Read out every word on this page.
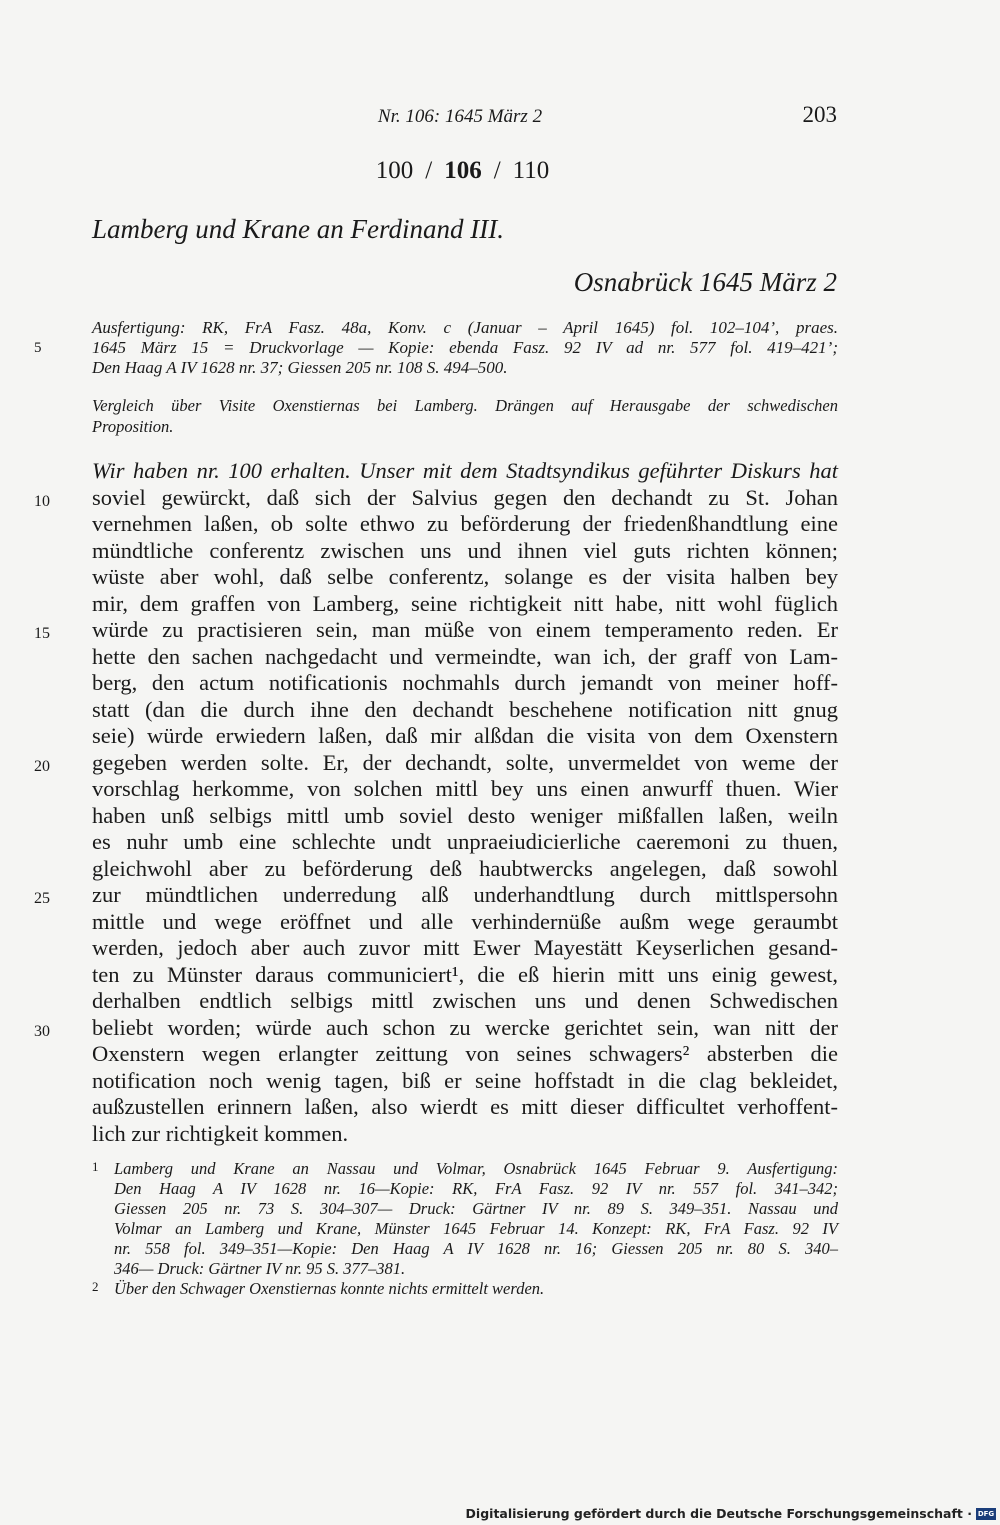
Nr. 106: 1645 März 2	203
100 / 106 / 110
Lamberg und Krane an Ferdinand III.
Osnabrück 1645 März 2
Ausfertigung: RK, FrA Fasz. 48a, Konv. c (Januar – April 1645) fol. 102–104’, praes.
1645 März 15 = Druckvorlage — Kopie: ebenda Fasz. 92 IV ad nr. 577 fol. 419–421’;
5
Den Haag A IV 1628 nr. 37; Giessen 205 nr. 108 S. 494–500.
Vergleich über Visite Oxenstiernas bei Lamberg. Drängen auf Herausgabe der schwedischen
Proposition.
Wir haben nr. 100 erhalten. Unser mit dem Stadtsyndikus geführter Diskurs hat
soviel gewürckt, daß sich der Salvius gegen den dechandt zu St. Johan
10
vernehmen laßen, ob solte ethwo zu beförderung der friedenßhandtlung eine
mündtliche conferentz zwischen uns und ihnen viel guts richten können;
wüste aber wohl, daß selbe conferentz, solange es der visita halben bey
mir, dem graffen von Lamberg, seine richtigkeit nitt habe, nitt wohl füglich
würde zu practisieren sein, man müße von einem temperamento reden. Er
15
hette den sachen nachgedacht und vermeindte, wan ich, der graff von Lam-
berg, den actum notificationis nochmahls durch jemandt von meiner hoff-
statt (dan die durch ihne den dechandt beschehene notification nitt gnug
seie) würde erwiedern laßen, daß mir alßdan die visita von dem Oxenstern
gegeben werden solte. Er, der dechandt, solte, unvermeldet von weme der
20
vorschlag herkomme, von solchen mittl bey uns einen anwurff thuen. Wier
haben unß selbigs mittl umb soviel desto weniger mißfallen laßen, weiln
es nuhr umb eine schlechte undt unpraeiudicierliche caeremoni zu thuen,
gleichwohl aber zu beförderung deß haubtwercks angelegen, daß sowohl
zur mündtlichen underredung alß underhandtlung durch mittlspersohn
25
mittle und wege eröffnet und alle verhindernüße außm wege geraumbt
werden, jedoch aber auch zuvor mitt Ewer Mayestätt Keyserlichen gesand-
ten zu Münster daraus communiciert¹, die eß hierin mitt uns einig gewest,
derhalben endtlich selbigs mittl zwischen uns und denen Schwedischen
beliebt worden; würde auch schon zu wercke gerichtet sein, wan nitt der
30
Oxenstern wegen erlangter zeittung von seines schwagers² absterben die
notification noch wenig tagen, biß er seine hoffstadt in die clag bekleidet,
außzustellen erinnern laßen, also wierdt es mitt dieser difficultet verhoffent-
lich zur richtigkeit kommen.
1 Lamberg und Krane an Nassau und Volmar, Osnabrück 1645 Februar 9. Ausfertigung:
Den Haag A IV 1628 nr. 16—Kopie: RK, FrA Fasz. 92 IV nr. 557 fol. 341–342;
Giessen 205 nr. 73 S. 304–307— Druck: Gärtner IV nr. 89 S. 349–351. Nassau und
Volmar an Lamberg und Krane, Münster 1645 Februar 14. Konzept: RK, FrA Fasz. 92 IV
nr. 558 fol. 349–351—Kopie: Den Haag A IV 1628 nr. 16; Giessen 205 nr. 80 S. 340–
346— Druck: Gärtner IV nr. 95 S. 377–381.
2 Über den Schwager Oxenstiernas konnte nichts ermittelt werden.
Digitalisierung gefördert durch die Deutsche Forschungsgemeinschaft · DFG
